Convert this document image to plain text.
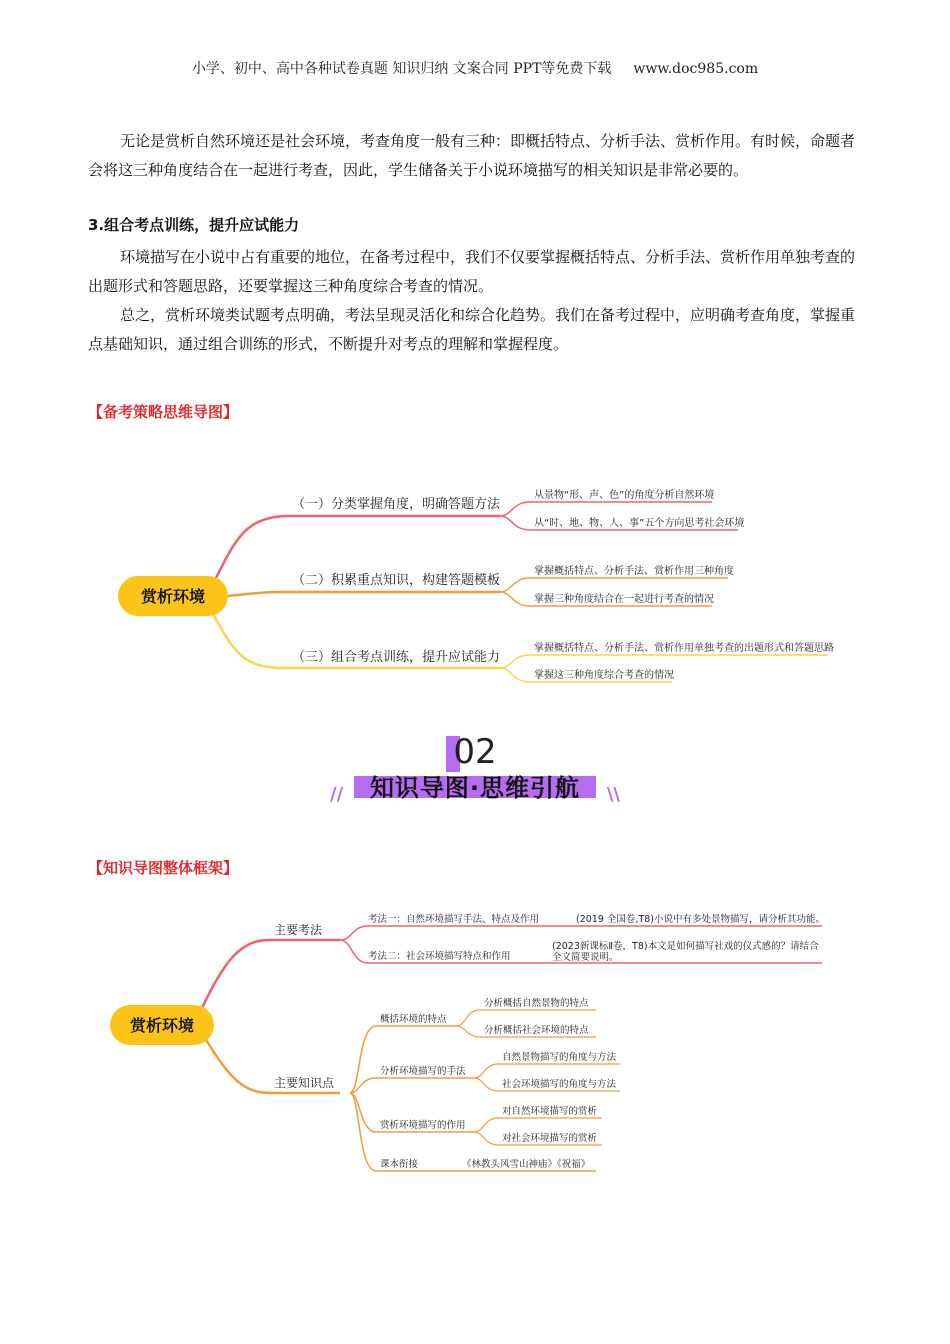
小学、初中、高中各种试卷真题 知识归纳 文案合同 PPT等免费下载 www.doc985.com

无论是赏析自然环境还是社会环境，考查角度一般有三种：即概括特点、分析手法、赏析作用。有时候，命题者会将这三种角度结合在一起进行考查，因此，学生储备关于小说环境描写的相关知识是非常必要的。

3.组合考点训练，提升应试能力

环境描写在小说中占有重要的地位，在备考过程中，我们不仅要掌握概括特点、分析手法、赏析作用单独考查的出题形式和答题思路，还要掌握这三种角度综合考查的情况。

总之，赏析环境类试题考点明确，考法呈现灵活化和综合化趋势。我们在备考过程中，应明确考查角度，掌握重点基础知识，通过组合训练的形式，不断提升对考点的理解和掌握程度。

【备考策略思维导图】
赏析环境
（一）分类掌握角度，明确答题方法
（二）积累重点知识，构建答题模板
（三）组合考点训练，提升应试能力
从景物“形、声、色”的角度分析自然环境
从“时、地、物、人、事”五个方向思考社会环境
掌握概括特点、分析手法、赏析作用三种角度
掌握三种角度结合在一起进行考查的情况
掌握概括特点、分析手法、赏析作用单独考查的出题形式和答题思路
掌握这三种角度综合考查的情况
02
知识导图·思维引航
//	\\
【知识导图整体框架】
赏析环境
主要考法
主要知识点
考法一：自然环境描写手法、特点及作用	(2019 全国卷,T8)小说中有多处景物描写，请分析其功能。
考法二：社会环境描写特点和作用
(2023新课标Ⅱ卷，T8)本文是如何描写社戏的仪式感的？请结合
全文简要说明。
概括环境的特点
分析环境描写的手法
赏析环境描写的作用
课本衔接
分析概括自然景物的特点
分析概括社会环境的特点
自然景物描写的角度与方法
社会环境描写的角度与方法
对自然环境描写的赏析
对社会环境描写的赏析
《林教头风雪山神庙》《祝福》
